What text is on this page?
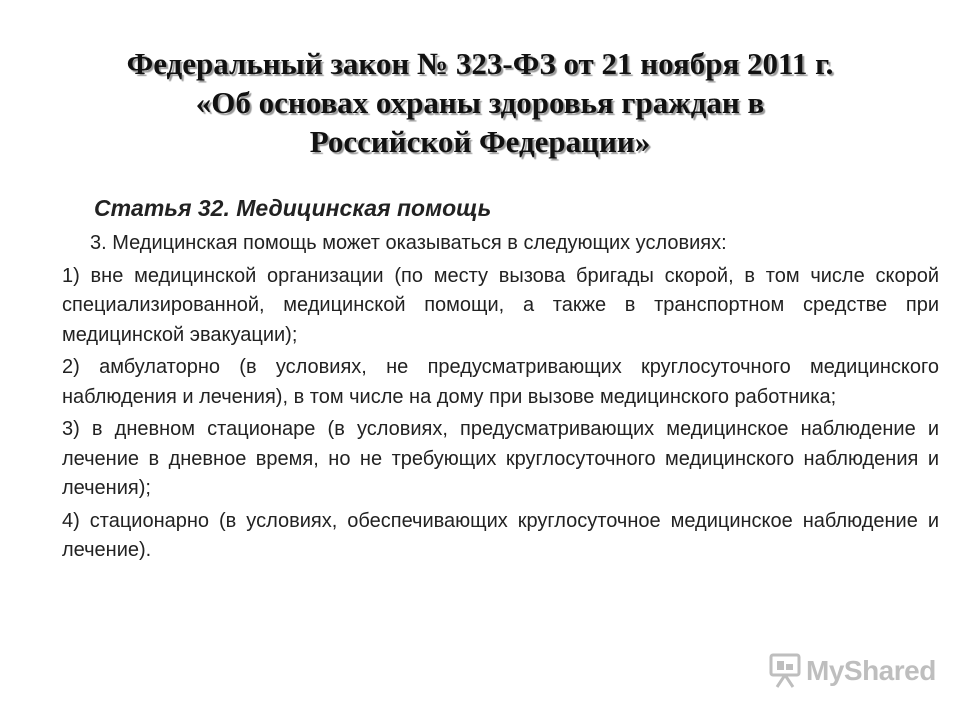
Федеральный закон № 323-ФЗ от 21 ноября 2011 г.
«Об основах охраны здоровья граждан в
Российской Федерации»
Статья 32. Медицинская помощь

3. Медицинская помощь может оказываться в следующих условиях:

1) вне медицинской организации (по месту вызова бригады скорой, в том числе скорой специализированной, медицинской помощи, а также в транспортном средстве при медицинской эвакуации);

2) амбулаторно (в условиях, не предусматривающих круглосуточного медицинского наблюдения и лечения), в том числе на дому при вызове медицинского работника;

3) в дневном стационаре (в условиях, предусматривающих медицинское наблюдение и лечение в дневное время, но не требующих круглосуточного медицинского наблюдения и лечения);

4) стационарно (в условиях, обеспечивающих круглосуточное медицинское наблюдение и лечение).

MyShared
